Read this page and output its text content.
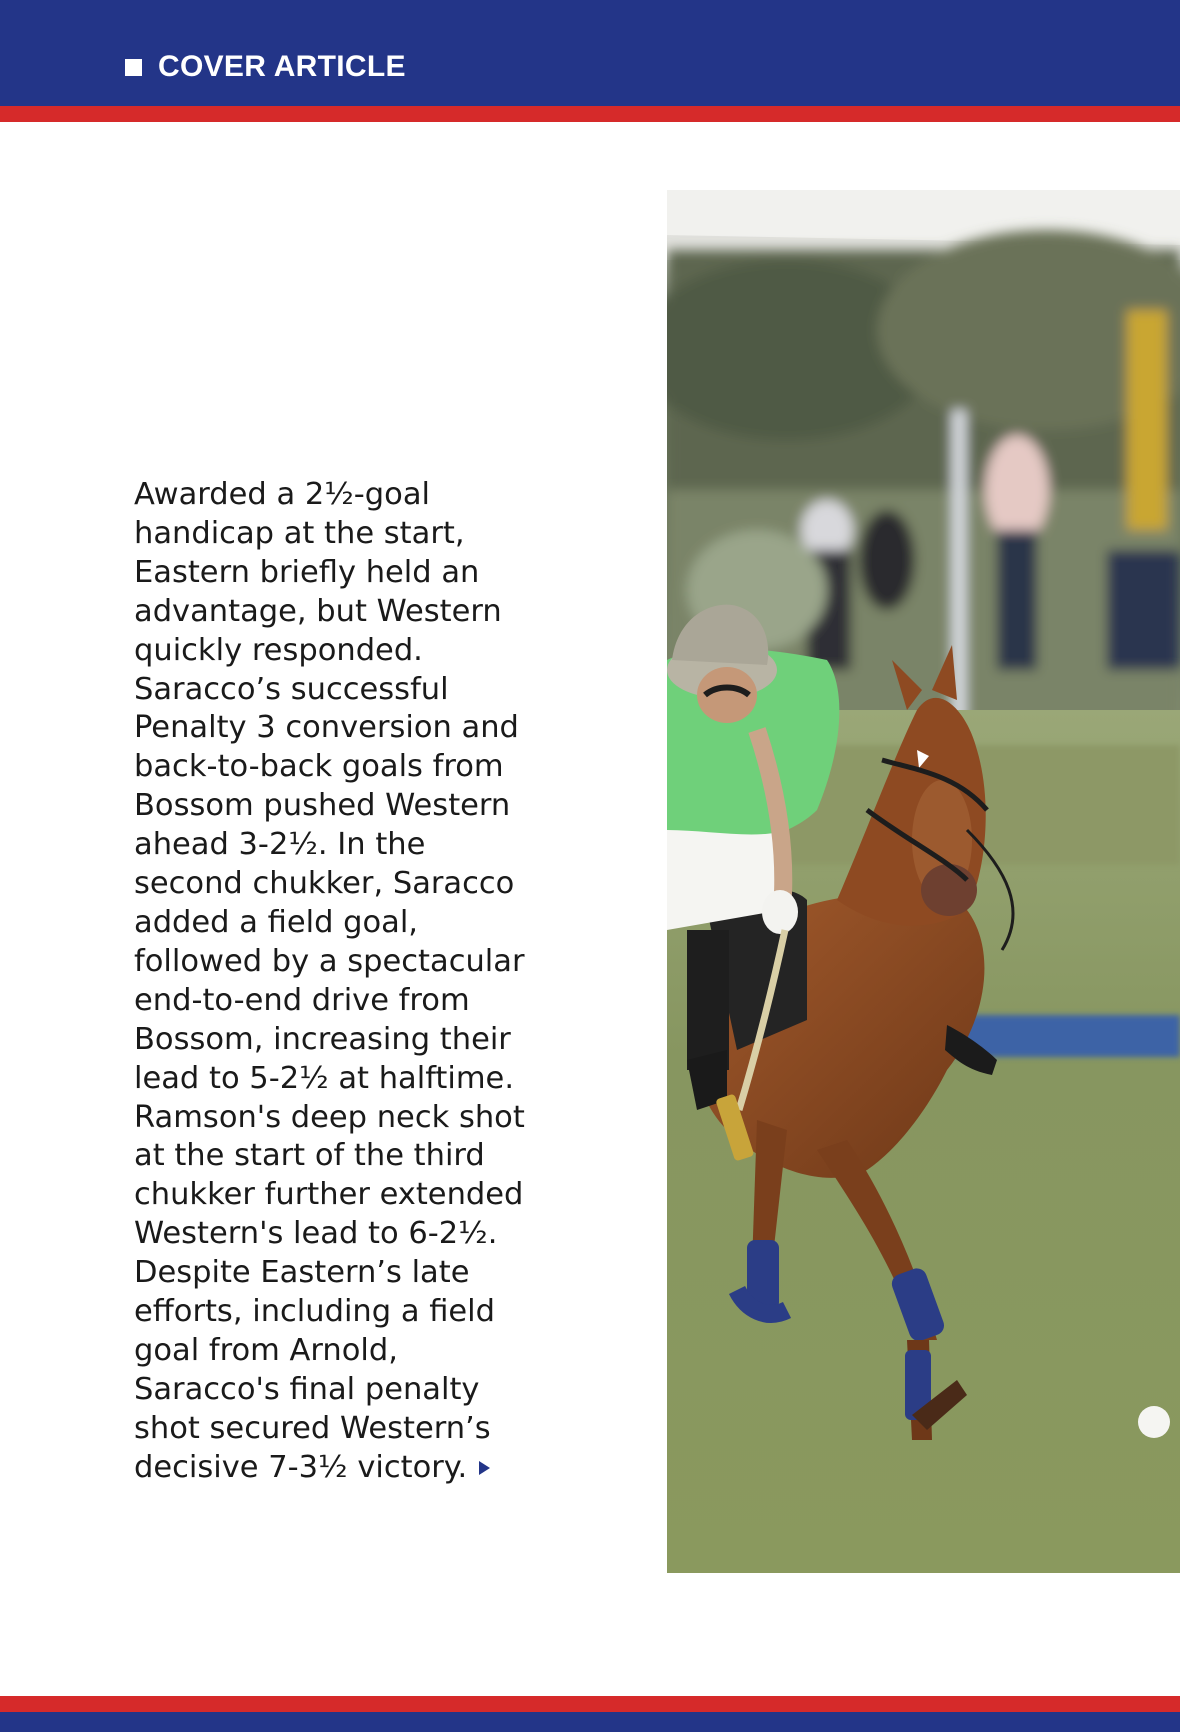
COVER ARTICLE

Awarded a 2½-goal
handicap at the start,
Eastern briefly held an
advantage, but Western
quickly responded.
Saracco’s successful
Penalty 3 conversion and
back-to-back goals from
Bossom pushed Western
ahead 3-2½. In the
second chukker, Saracco
added a field goal,
followed by a spectacular
end-to-end drive from
Bossom, increasing their
lead to 5-2½ at halftime.
Ramson's deep neck shot
at the start of the third
chukker further extended
Western's lead to 6-2½.
Despite Eastern’s late
efforts, including a field
goal from Arnold,
Saracco's final penalty
shot secured Western’s
decisive 7-3½ victory.
